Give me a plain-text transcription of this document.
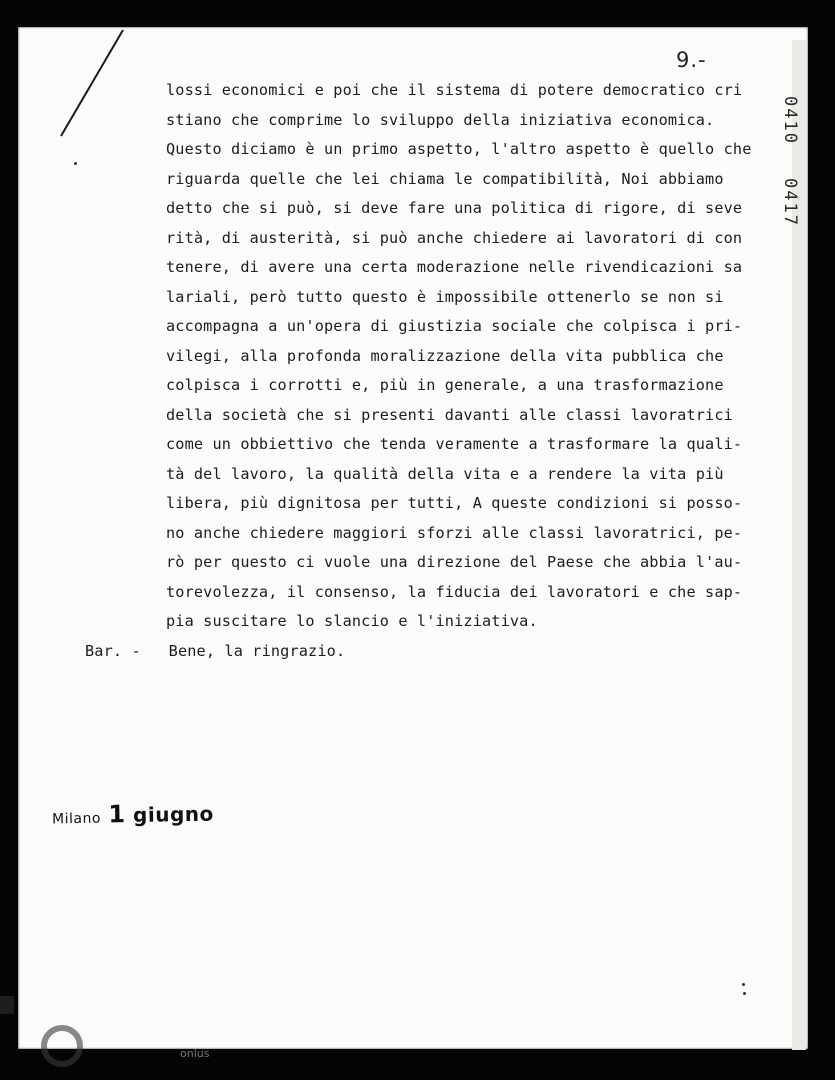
9.-
0410
0417
lossi economici e poi che il sistema di potere democratico cri
stiano che comprime lo sviluppo della iniziativa economica.
Questo diciamo è un primo aspetto, l'altro aspetto è quello che
riguarda quelle che lei chiama le compatibilità, Noi abbiamo
detto che si può, si deve fare una politica di rigore, di seve
rità, di austerità, si può anche chiedere ai lavoratori di con
tenere, di avere una certa moderazione nelle rivendicazioni sa
lariali, però tutto questo è impossibile ottenerlo se non si
accompagna a un'opera di giustizia sociale che colpisca i pri-
vilegi, alla profonda moralizzazione della vita pubblica che
colpisca i corrotti e, più in generale, a una trasformazione
della società che si presenti davanti alle classi lavoratrici
come un obbiettivo che tenda veramente a trasformare la quali-
tà del lavoro, la qualità della vita e a rendere la vita più
libera, più dignitosa per tutti, A queste condizioni si posso-
no anche chiedere maggiori sforzi alle classi lavoratrici, pe-
rò per questo ci vuole una direzione del Paese che abbia l'au-
torevolezza, il consenso, la fiducia dei lavoratori e che sap-
pia suscitare lo slancio e l'iniziativa.
Bar. - Bene, la ringrazio.
Milano 1 giugno
onlus
